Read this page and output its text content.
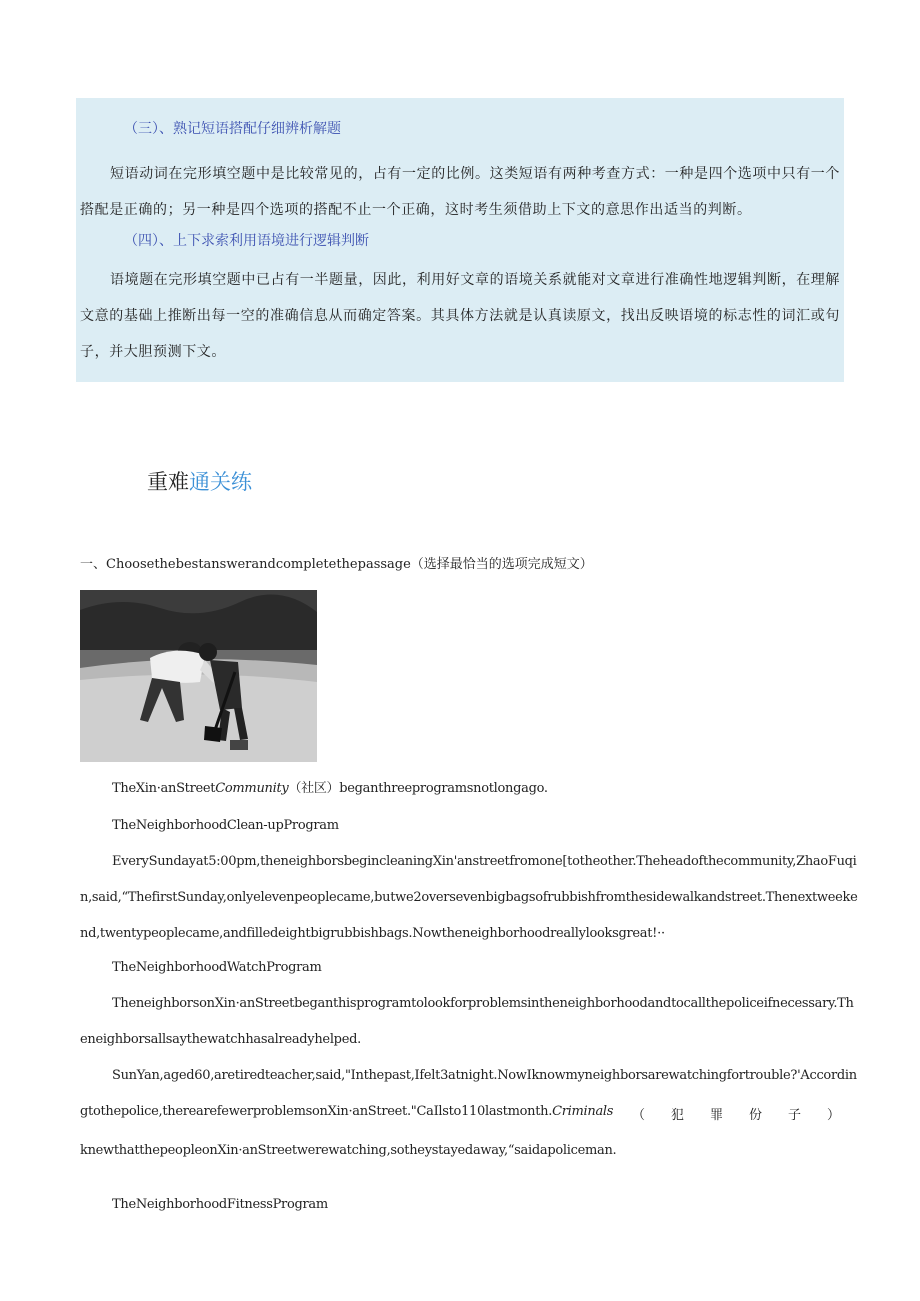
（三）、熟记短语搭配仔细辨析解题

短语动词在完形填空题中是比较常见的，占有一定的比例。这类短语有两种考查方式：一种是四个选项中只有一个搭配是正确的；另一种是四个选项的搭配不止一个正确，这时考生须借助上下文的意思作出适当的判断。

（四）、上下求索利用语境进行逻辑判断

语境题在完形填空题中已占有一半题量，因此，利用好文章的语境关系就能对文章进行准确性地逻辑判断，在理解文意的基础上推断出每一空的准确信息从而确定答案。其具体方法就是认真读原文，找出反映语境的标志性的词汇或句子，并大胆预测下文。

重难通关练
一、Choosethebestanswerandcompletethepassage（选择最恰当的选项完成短文）
TheXin·anStreetCommunity（社区）beganthreeprogramsnotlongago.
TheNeighborhoodClean-upProgram
EverySundayat5:00pm,theneighborsbegincleaningXin'anstreetfromone[totheother.Theheadofthecommunity,ZhaoFuqi
n,said,“ThefirstSunday,onlyelevenpeoplecame,butwe2oversevenbigbagsofrubbishfromthesidewalkandstreet.Thenextweeke
nd,twentypeoplecame,andfilledeightbigrubbishbags.Nowtheneighborhoodreallylooksgreat!··
TheNeighborhoodWatchProgram
TheneighborsonXin·anStreetbeganthisprogramtolookforproblemsintheneighborhoodandtocallthepoliceifnecessary.Th
eneighborsallsaythewatchhasalreadyhelped.
SunYan,aged60,aretiredteacher,said,"Inthepast,Ifelt3atnight.NowIknowmyneighborsarewatchingfortrouble?'Accordin
gtothepolice,therearefewerproblemsonXin·anStreet."CaIlsto110lastmonth.Criminals （　　犯　　罪　　份　　子　　）
knewthatthepeopleonXin·anStreetwerewatching,sotheystayedaway,“saidapoliceman.
TheNeighborhoodFitnessProgram
